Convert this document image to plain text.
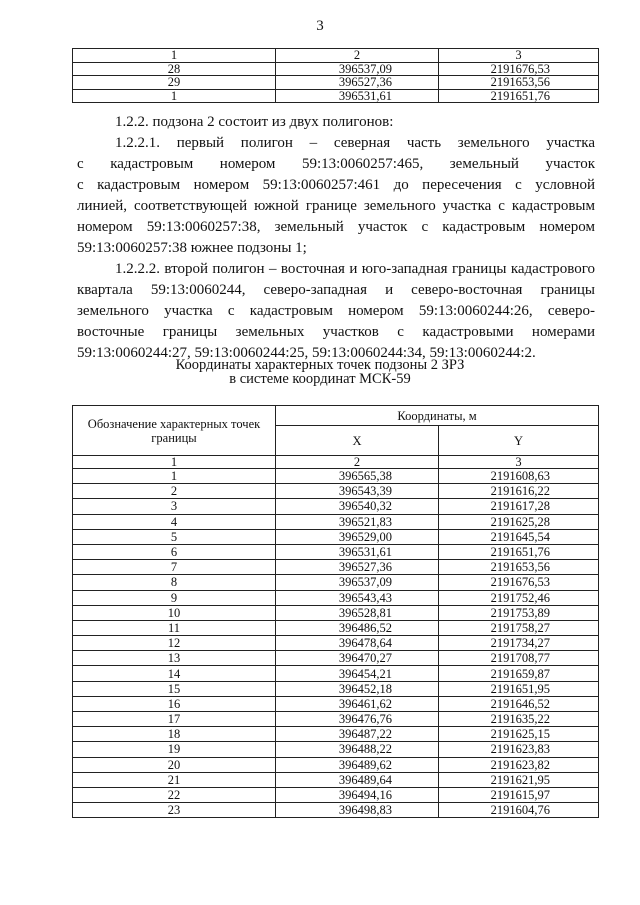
3
1	2	3
28	396537,09	2191676,53
29	396527,36	2191653,56
1	396531,61	2191651,76

1.2.2. подзона 2 состоит из двух полигонов:

1.2.2.1. первый полигон – северная часть земельного участка
с кадастровым номером 59:13:0060257:465, земельный участок
с кадастровым номером 59:13:0060257:461 до пересечения с условной
линией, соответствующей южной границе земельного участка с кадастровым
номером 59:13:0060257:38, земельный участок с кадастровым номером
59:13:0060257:38 южнее подзоны 1;
1.2.2.2. второй полигон – восточная и юго-западная границы кадастрового
квартала 59:13:0060244, северо-западная и северо-восточная границы
земельного участка с кадастровым номером 59:13:0060244:26, северо-
восточные границы земельных участков с кадастровыми номерами
59:13:0060244:27, 59:13:0060244:25, 59:13:0060244:34, 59:13:0060244:2.
Координаты характерных точек подзоны 2 ЗРЗ
в системе координат МСК-59
Обозначение характерных точек границы	Координаты, м	
	X	Y
1	2	3
1	396565,38	2191608,63
2	396543,39	2191616,22
3	396540,32	2191617,28
4	396521,83	2191625,28
5	396529,00	2191645,54
6	396531,61	2191651,76
7	396527,36	2191653,56
8	396537,09	2191676,53
9	396543,43	2191752,46
10	396528,81	2191753,89
11	396486,52	2191758,27
12	396478,64	2191734,27
13	396470,27	2191708,77
14	396454,21	2191659,87
15	396452,18	2191651,95
16	396461,62	2191646,52
17	396476,76	2191635,22
18	396487,22	2191625,15
19	396488,22	2191623,83
20	396489,62	2191623,82
21	396489,64	2191621,95
22	396494,16	2191615,97
23	396498,83	2191604,76
